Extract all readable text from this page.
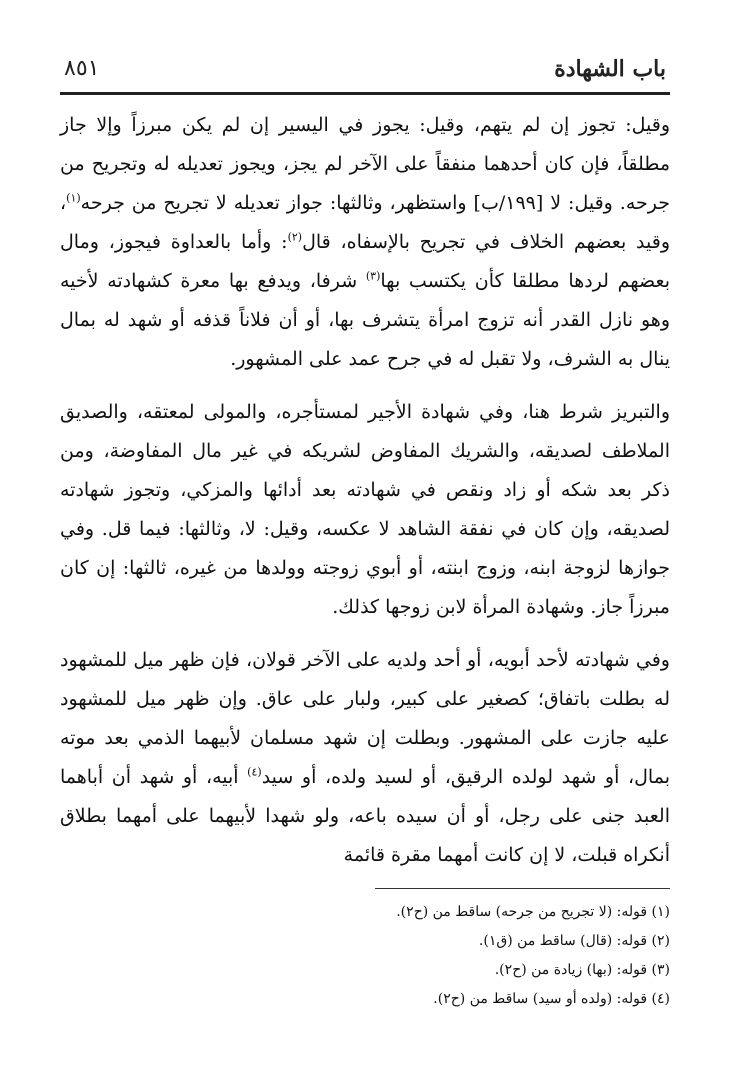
باب الشهادة
٨٥١

وقيل: تجوز إن لم يتهم، وقيل: يجوز في اليسير إن لم يكن مبرزاً وإلا جاز مطلقاً، فإن كان أحدهما منفقاً على الآخر لم يجز، ويجوز تعديله له وتجريح من جرحه. وقيل: لا [١٩٩/ب] واستظهر، وثالثها: جواز تعديله لا تجريح من جرحه$^{(١)}$، وقيد بعضهم الخلاف في تجريح بالإسفاه، قال$^{(٢)}$: وأما بالعداوة فيجوز، ومال بعضهم لردها مطلقا كأن يكتسب بها$^{(٣)}$ شرفا، ويدفع بها معرة كشهادته لأخيه وهو نازل القدر أنه تزوج امرأة يتشرف بها، أو أن فلاناً قذفه أو شهد له بمال ينال به الشرف، ولا تقبل له في جرح عمد على المشهور.

والتبريز شرط هنا، وفي شهادة الأجير لمستأجره، والمولى لمعتقه، والصديق الملاطف لصديقه، والشريك المفاوض لشريكه في غير مال المفاوضة، ومن ذكر بعد شكه أو زاد ونقص في شهادته بعد أدائها والمزكي، وتجوز شهادته لصديقه، وإن كان في نفقة الشاهد لا عكسه، وقيل: لا، وثالثها: فيما قل. وفي جوازها لزوجة ابنه، وزوج ابنته، أو أبوي زوجته وولدها من غيره، ثالثها: إن كان مبرزاً جاز. وشهادة المرأة لابن زوجها كذلك.

وفي شهادته لأحد أبويه، أو أحد ولديه على الآخر قولان، فإن ظهر ميل للمشهود له بطلت باتفاق؛ كصغير على كبير، ولبار على عاق. وإن ظهر ميل للمشهود عليه جازت على المشهور. وبطلت إن شهد مسلمان لأبيهما الذمي بعد موته بمال، أو شهد لولده الرقيق، أو لسيد ولده، أو سيد$^{(٤)}$ أبيه، أو شهد أن أباهما العبد جنى على رجل، أو أن سيده باعه، ولو شهدا لأبيهما على أمهما بطلاق أنكراه قبلت، لا إن كانت أمهما مقرة قائمة

(١) قوله: (لا تجريح من جرحه) ساقط من (ح٢).
(٢) قوله: (قال) ساقط من (ق١).
(٣) قوله: (بها) زيادة من (ح٢).
(٤) قوله: (ولده أو سيد) ساقط من (ح٢).
